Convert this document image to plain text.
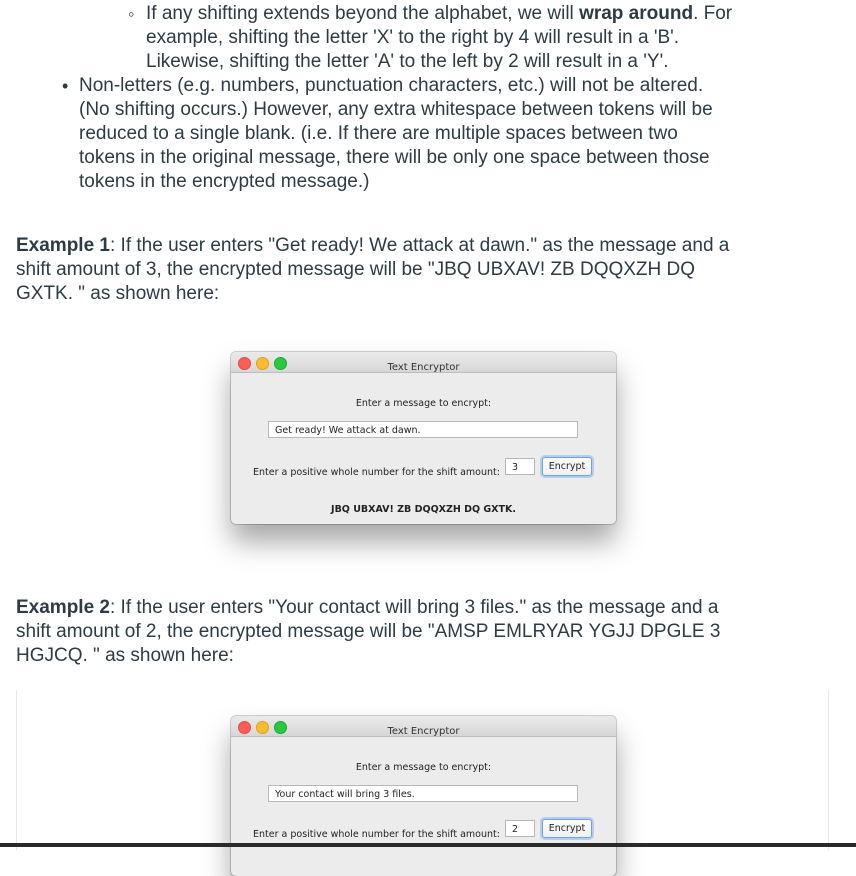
◦ If any shifting extends beyond the alphabet, we will wrap around. For
example, shifting the letter 'X' to the right by 4 will result in a 'B'.
Likewise, shifting the letter 'A' to the left by 2 will result in a 'Y'.
• Non-letters (e.g. numbers, punctuation characters, etc.) will not be altered.
(No shifting occurs.) However, any extra whitespace between tokens will be
reduced to a single blank. (i.e. If there are multiple spaces between two
tokens in the original message, there will be only one space between those
tokens in the encrypted message.)
Example 1: If the user enters "Get ready! We attack at dawn." as the message and a
shift amount of 3, the encrypted message will be "JBQ UBXAV! ZB DQQXZH DQ
GXTK. " as shown here:
Text Encryptor
Enter a message to encrypt:
Get ready! We attack at dawn.
Enter a positive whole number for the shift amount:	3	Encrypt
JBQ UBXAV! ZB DQQXZH DQ GXTK.
Example 2: If the user enters "Your contact will bring 3 files." as the message and a
shift amount of 2, the encrypted message will be "AMSP EMLRYAR YGJJ DPGLE 3
HGJCQ. " as shown here:
Text Encryptor
Enter a message to encrypt:
Your contact will bring 3 files.
Enter a positive whole number for the shift amount:	2	Encrypt
